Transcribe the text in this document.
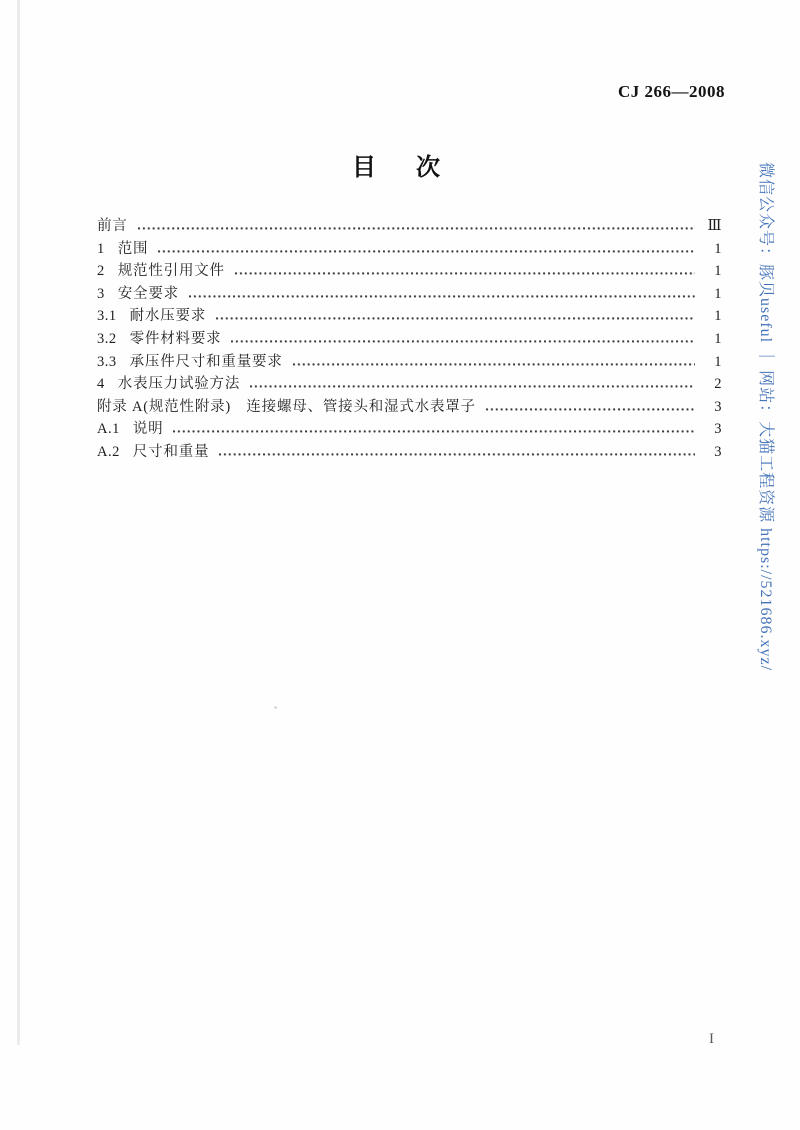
CJ 266—2008
目　次
前言	Ⅲ
1 范围	1
2 规范性引用文件	1
3 安全要求	1
3.1 耐水压要求	1
3.2 零件材料要求	1
3.3 承压件尺寸和重量要求	1
4 水表压力试验方法	2
附录 A(规范性附录)　连接螺母、管接头和湿式水表罩子	3
A.1 说明	3
A.2 尺寸和重量	3 微信公众号：豚贝useful ｜ 网站：大猫工程资源 https://521686.xyz/
I
